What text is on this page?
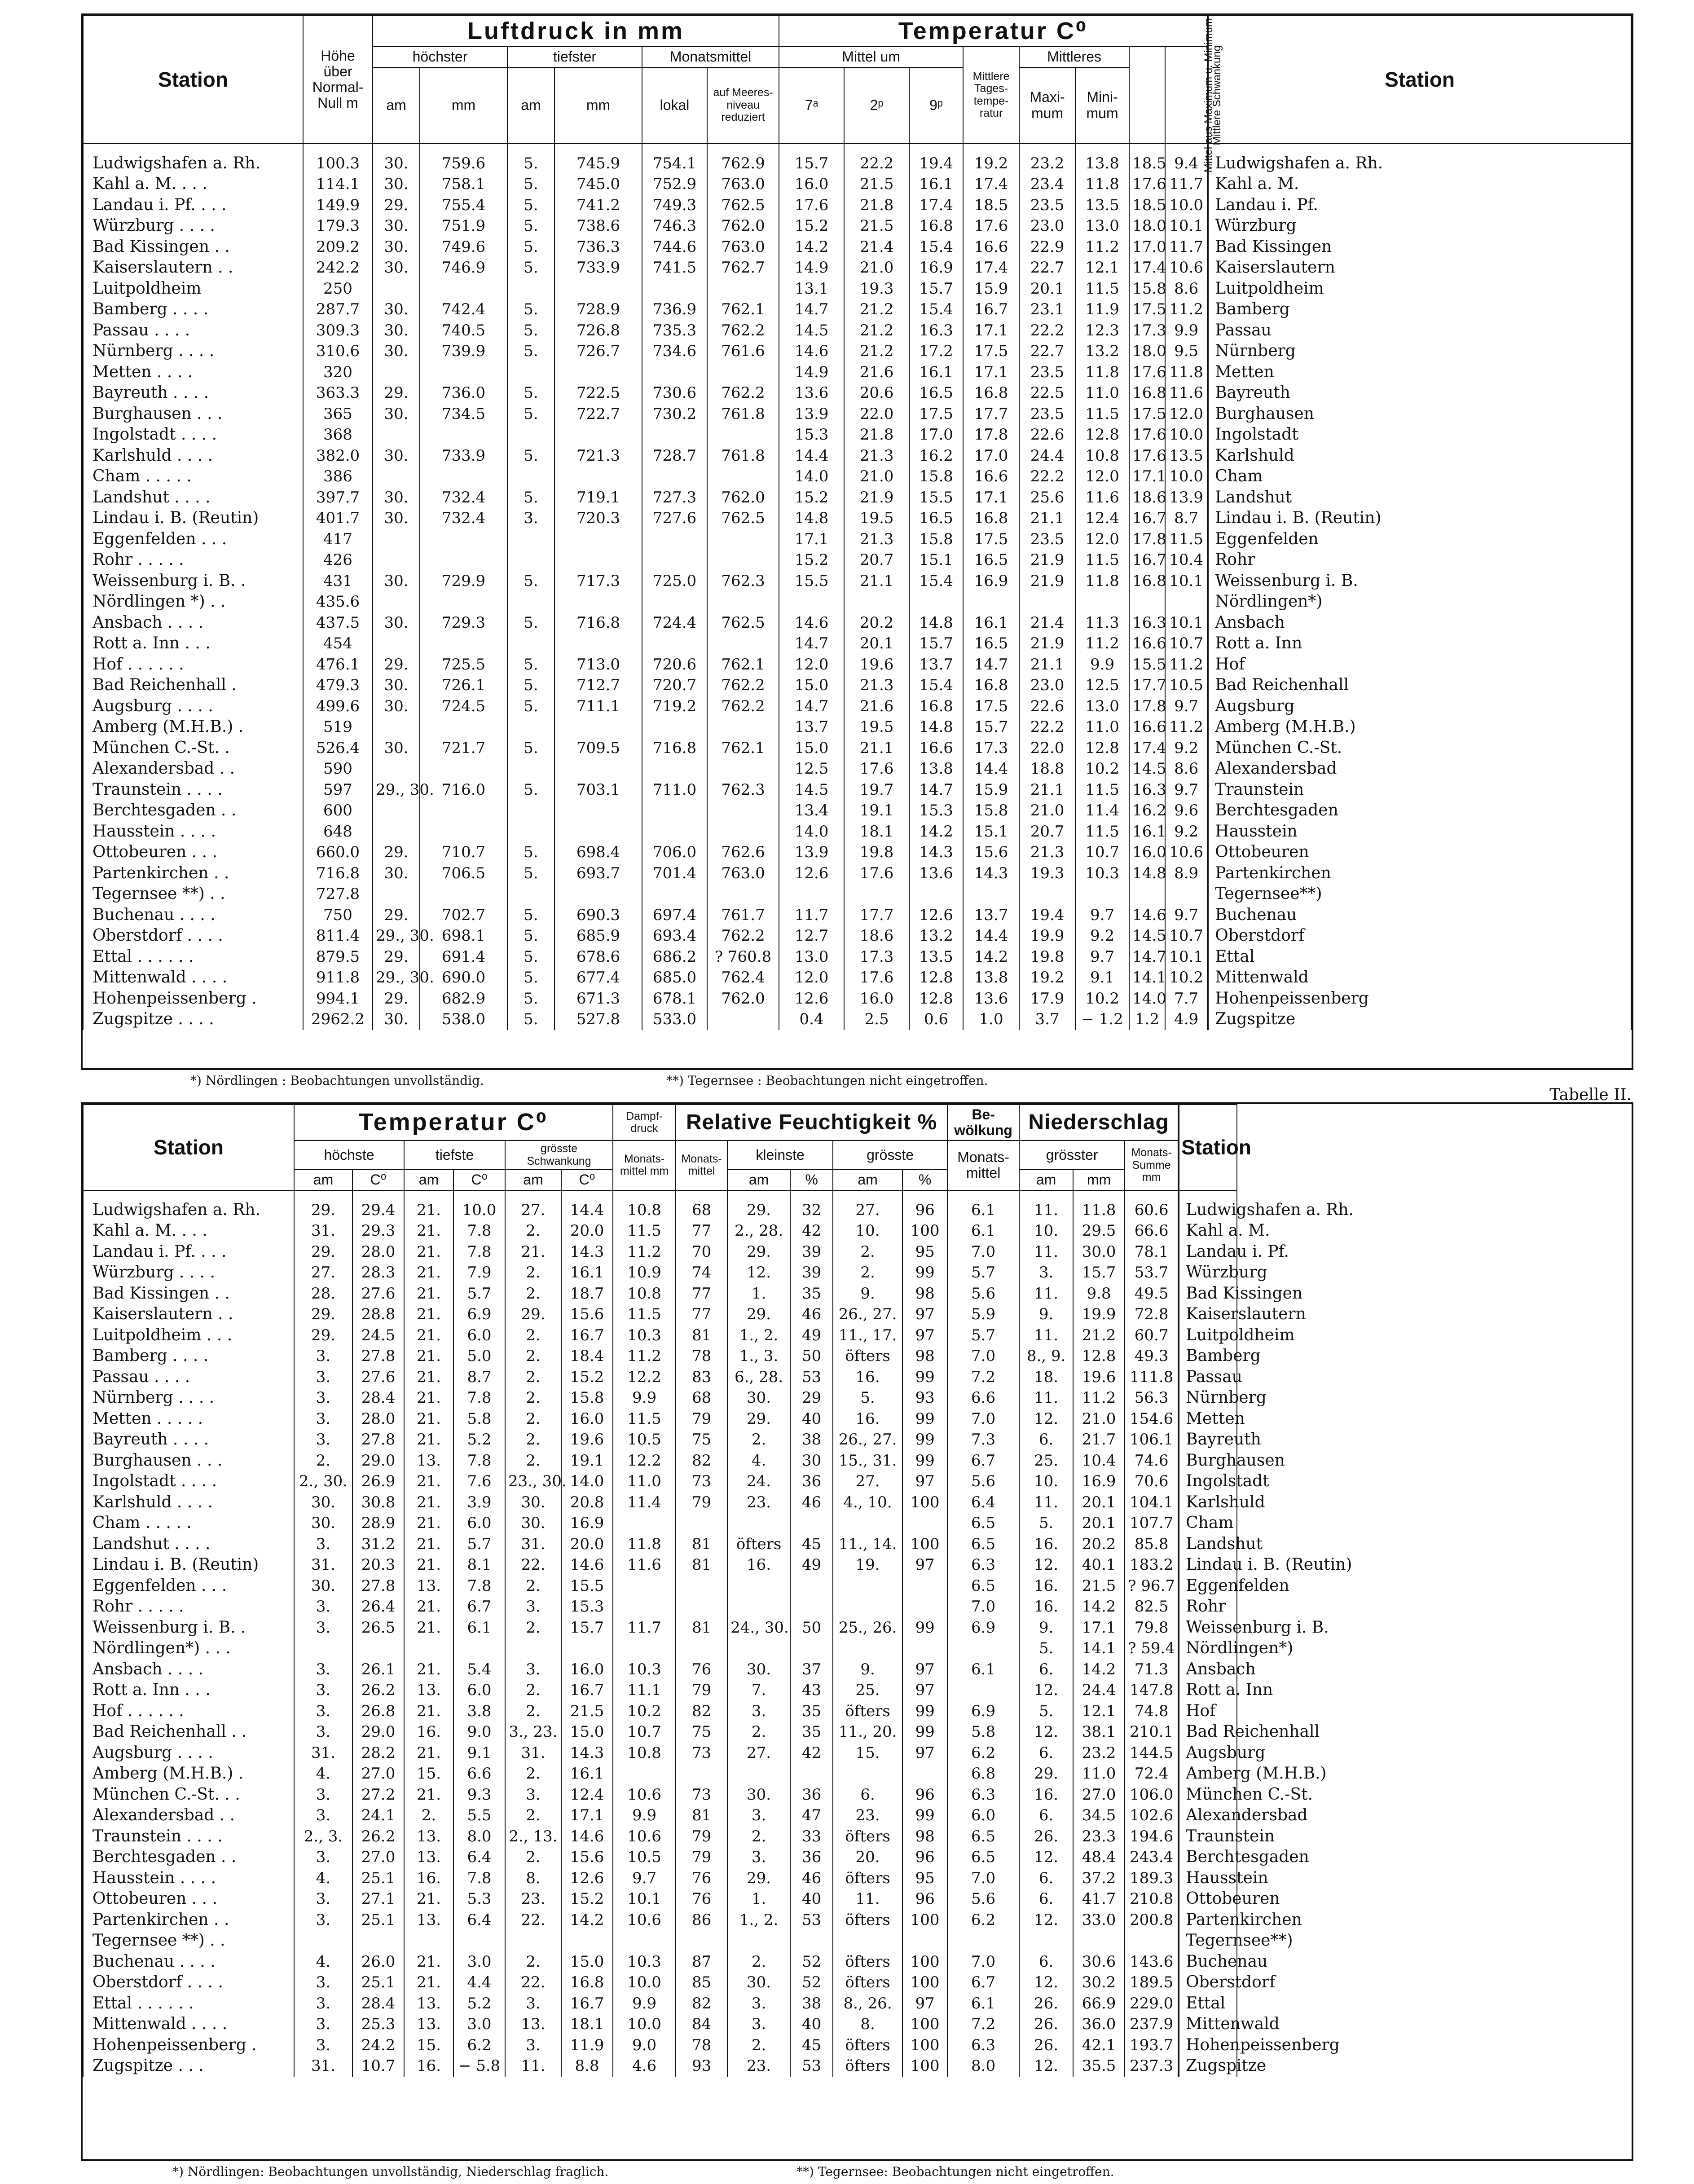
Station	Höhe über Normal-Null m	Luftdruck in mm						Temperatur C⁰								Station
		höchster		tiefster		Monatsmittel		Mittel um			Mittlere Tages-tempe-ratur	Mittleres		Mittel aus Maximum u. Minimum	Mittlere Schwankung	
		am	mm	am	mm	lokal	auf Meeres-niveau reduziert	7ᵃ	2ᵖ	9ᵖ		Maxi-mum	Mini-mum			
Ludwigshafen a. Rh.	100.3	30.	759.6	5.	745.9	754.1	762.9	15.7	22.2	19.4	19.2	23.2	13.8	18.5	9.4	Ludwigshafen a. Rh.
Kahl a. M. . . .	114.1	30.	758.1	5.	745.0	752.9	763.0	16.0	21.5	16.1	17.4	23.4	11.8	17.6	11.7	Kahl a. M.
Landau i. Pf. . . .	149.9	29.	755.4	5.	741.2	749.3	762.5	17.6	21.8	17.4	18.5	23.5	13.5	18.5	10.0	Landau i. Pf.
Würzburg . . . .	179.3	30.	751.9	5.	738.6	746.3	762.0	15.2	21.5	16.8	17.6	23.0	13.0	18.0	10.1	Würzburg
Bad Kissingen . .	209.2	30.	749.6	5.	736.3	744.6	763.0	14.2	21.4	15.4	16.6	22.9	11.2	17.0	11.7	Bad Kissingen
Kaiserslautern . .	242.2	30.	746.9	5.	733.9	741.5	762.7	14.9	21.0	16.9	17.4	22.7	12.1	17.4	10.6	Kaiserslautern
Luitpoldheim	250							13.1	19.3	15.7	15.9	20.1	11.5	15.8	8.6	Luitpoldheim
Bamberg . . . .	287.7	30.	742.4	5.	728.9	736.9	762.1	14.7	21.2	15.4	16.7	23.1	11.9	17.5	11.2	Bamberg
Passau . . . .	309.3	30.	740.5	5.	726.8	735.3	762.2	14.5	21.2	16.3	17.1	22.2	12.3	17.3	9.9	Passau
Nürnberg . . . .	310.6	30.	739.9	5.	726.7	734.6	761.6	14.6	21.2	17.2	17.5	22.7	13.2	18.0	9.5	Nürnberg
Metten . . . .	320							14.9	21.6	16.1	17.1	23.5	11.8	17.6	11.8	Metten
Bayreuth . . . .	363.3	29.	736.0	5.	722.5	730.6	762.2	13.6	20.6	16.5	16.8	22.5	11.0	16.8	11.6	Bayreuth
Burghausen . . .	365	30.	734.5	5.	722.7	730.2	761.8	13.9	22.0	17.5	17.7	23.5	11.5	17.5	12.0	Burghausen
Ingolstadt . . . .	368							15.3	21.8	17.0	17.8	22.6	12.8	17.6	10.0	Ingolstadt
Karlshuld . . . .	382.0	30.	733.9	5.	721.3	728.7	761.8	14.4	21.3	16.2	17.0	24.4	10.8	17.6	13.5	Karlshuld
Cham . . . . .	386							14.0	21.0	15.8	16.6	22.2	12.0	17.1	10.0	Cham
Landshut . . . .	397.7	30.	732.4	5.	719.1	727.3	762.0	15.2	21.9	15.5	17.1	25.6	11.6	18.6	13.9	Landshut
Lindau i. B. (Reutin)	401.7	30.	732.4	3.	720.3	727.6	762.5	14.8	19.5	16.5	16.8	21.1	12.4	16.7	8.7	Lindau i. B. (Reutin)
Eggenfelden . . .	417							17.1	21.3	15.8	17.5	23.5	12.0	17.8	11.5	Eggenfelden
Rohr . . . . .	426							15.2	20.7	15.1	16.5	21.9	11.5	16.7	10.4	Rohr
Weissenburg i. B. .	431	30.	729.9	5.	717.3	725.0	762.3	15.5	21.1	15.4	16.9	21.9	11.8	16.8	10.1	Weissenburg i. B.
Nördlingen *) . .	435.6															Nördlingen*)
Ansbach . . . .	437.5	30.	729.3	5.	716.8	724.4	762.5	14.6	20.2	14.8	16.1	21.4	11.3	16.3	10.1	Ansbach
Rott a. Inn . . .	454							14.7	20.1	15.7	16.5	21.9	11.2	16.6	10.7	Rott a. Inn
Hof . . . . . .	476.1	29.	725.5	5.	713.0	720.6	762.1	12.0	19.6	13.7	14.7	21.1	9.9	15.5	11.2	Hof
Bad Reichenhall .	479.3	30.	726.1	5.	712.7	720.7	762.2	15.0	21.3	15.4	16.8	23.0	12.5	17.7	10.5	Bad Reichenhall
Augsburg . . . .	499.6	30.	724.5	5.	711.1	719.2	762.2	14.7	21.6	16.8	17.5	22.6	13.0	17.8	9.7	Augsburg
Amberg (M.H.B.) .	519							13.7	19.5	14.8	15.7	22.2	11.0	16.6	11.2	Amberg (M.H.B.)
München C.-St. .	526.4	30.	721.7	5.	709.5	716.8	762.1	15.0	21.1	16.6	17.3	22.0	12.8	17.4	9.2	München C.-St.
Alexandersbad . .	590							12.5	17.6	13.8	14.4	18.8	10.2	14.5	8.6	Alexandersbad
Traunstein . . . .	597	29., 30.	716.0	5.	703.1	711.0	762.3	14.5	19.7	14.7	15.9	21.1	11.5	16.3	9.7	Traunstein
Berchtesgaden . .	600							13.4	19.1	15.3	15.8	21.0	11.4	16.2	9.6	Berchtesgaden
Hausstein . . . .	648							14.0	18.1	14.2	15.1	20.7	11.5	16.1	9.2	Hausstein
Ottobeuren . . .	660.0	29.	710.7	5.	698.4	706.0	762.6	13.9	19.8	14.3	15.6	21.3	10.7	16.0	10.6	Ottobeuren
Partenkirchen . .	716.8	30.	706.5	5.	693.7	701.4	763.0	12.6	17.6	13.6	14.3	19.3	10.3	14.8	8.9	Partenkirchen
Tegernsee **) . .	727.8															Tegernsee**)
Buchenau . . . .	750	29.	702.7	5.	690.3	697.4	761.7	11.7	17.7	12.6	13.7	19.4	9.7	14.6	9.7	Buchenau
Oberstdorf . . . .	811.4	29., 30.	698.1	5.	685.9	693.4	762.2	12.7	18.6	13.2	14.4	19.9	9.2	14.5	10.7	Oberstdorf
Ettal . . . . . .	879.5	29.	691.4	5.	678.6	686.2	? 760.8	13.0	17.3	13.5	14.2	19.8	9.7	14.7	10.1	Ettal
Mittenwald . . . .	911.8	29., 30.	690.0	5.	677.4	685.0	762.4	12.0	17.6	12.8	13.8	19.2	9.1	14.1	10.2	Mittenwald
Hohenpeissenberg .	994.1	29.	682.9	5.	671.3	678.1	762.0	12.6	16.0	12.8	13.6	17.9	10.2	14.0	7.7	Hohenpeissenberg
Zugspitze . . . .	2962.2	30.	538.0	5.	527.8	533.0		0.4	2.5	0.6	1.0	3.7	− 1.2	1.2	4.9	Zugspitze
*) Nördlingen : Beobachtungen unvollständig.	**) Tegernsee : Beobachtungen nicht eingetroffen.
Tabelle II.
Station	Temperatur C⁰						Dampf-druck	Relative Feuchtigkeit %					Be-wölkung	Niederschlag			Station
	höchste		tiefste		grösste Schwankung		Monats-mittel mm	Monats-mittel	kleinste		grösste		Monats-mittel	grösster		Monats-Summe mm	
	am	C⁰	am	C⁰	am	C⁰			am	%	am	%		am	mm		
Ludwigshafen a. Rh.	29.	29.4	21.	10.0	27.	14.4	10.8	68	29.	32	27.	96	6.1	11.	11.8	60.6	Ludwigshafen a. Rh.
Kahl a. M. . . .	31.	29.3	21.	7.8	2.	20.0	11.5	77	2., 28.	42	10.	100	6.1	10.	29.5	66.6	Kahl a. M.
Landau i. Pf. . . .	29.	28.0	21.	7.8	21.	14.3	11.2	70	29.	39	2.	95	7.0	11.	30.0	78.1	Landau i. Pf.
Würzburg . . . .	27.	28.3	21.	7.9	2.	16.1	10.9	74	12.	39	2.	99	5.7	3.	15.7	53.7	Würzburg
Bad Kissingen . .	28.	27.6	21.	5.7	2.	18.7	10.8	77	1.	35	9.	98	5.6	11.	9.8	49.5	Bad Kissingen
Kaiserslautern . .	29.	28.8	21.	6.9	29.	15.6	11.5	77	29.	46	26., 27.	97	5.9	9.	19.9	72.8	Kaiserslautern
Luitpoldheim . . .	29.	24.5	21.	6.0	2.	16.7	10.3	81	1., 2.	49	11., 17.	97	5.7	11.	21.2	60.7	Luitpoldheim
Bamberg . . . .	3.	27.8	21.	5.0	2.	18.4	11.2	78	1., 3.	50	öfters	98	7.0	8., 9.	12.8	49.3	Bamberg
Passau . . . .	3.	27.6	21.	8.7	2.	15.2	12.2	83	6., 28.	53	16.	99	7.2	18.	19.6	111.8	Passau
Nürnberg . . . .	3.	28.4	21.	7.8	2.	15.8	9.9	68	30.	29	5.	93	6.6	11.	11.2	56.3	Nürnberg
Metten . . . . .	3.	28.0	21.	5.8	2.	16.0	11.5	79	29.	40	16.	99	7.0	12.	21.0	154.6	Metten
Bayreuth . . . .	3.	27.8	21.	5.2	2.	19.6	10.5	75	2.	38	26., 27.	99	7.3	6.	21.7	106.1	Bayreuth
Burghausen . . .	2.	29.0	13.	7.8	2.	19.1	12.2	82	4.	30	15., 31.	99	6.7	25.	10.4	74.6	Burghausen
Ingolstadt . . . .	2., 30.	26.9	21.	7.6	23., 30.	14.0	11.0	73	24.	36	27.	97	5.6	10.	16.9	70.6	Ingolstadt
Karlshuld . . . .	30.	30.8	21.	3.9	30.	20.8	11.4	79	23.	46	4., 10.	100	6.4	11.	20.1	104.1	Karlshuld
Cham . . . . .	30.	28.9	21.	6.0	30.	16.9							6.5	5.	20.1	107.7	Cham
Landshut . . . .	3.	31.2	21.	5.7	31.	20.0	11.8	81	öfters	45	11., 14.	100	6.5	16.	20.2	85.8	Landshut
Lindau i. B. (Reutin)	31.	20.3	21.	8.1	22.	14.6	11.6	81	16.	49	19.	97	6.3	12.	40.1	183.2	Lindau i. B. (Reutin)
Eggenfelden . . .	30.	27.8	13.	7.8	2.	15.5							6.5	16.	21.5	? 96.7	Eggenfelden
Rohr . . . . .	3.	26.4	21.	6.7	3.	15.3							7.0	16.	14.2	82.5	Rohr
Weissenburg i. B. .	3.	26.5	21.	6.1	2.	15.7	11.7	81	24., 30.	50	25., 26.	99	6.9	9.	17.1	79.8	Weissenburg i. B.
Nördlingen*) . . .														5.	14.1	? 59.4	Nördlingen*)
Ansbach . . . .	3.	26.1	21.	5.4	3.	16.0	10.3	76	30.	37	9.	97	6.1	6.	14.2	71.3	Ansbach
Rott a. Inn . . .	3.	26.2	13.	6.0	2.	16.7	11.1	79	7.	43	25.	97		12.	24.4	147.8	Rott a. Inn
Hof . . . . . .	3.	26.8	21.	3.8	2.	21.5	10.2	82	3.	35	öfters	99	6.9	5.	12.1	74.8	Hof
Bad Reichenhall . .	3.	29.0	16.	9.0	3., 23.	15.0	10.7	75	2.	35	11., 20.	99	5.8	12.	38.1	210.1	Bad Reichenhall
Augsburg . . . .	31.	28.2	21.	9.1	31.	14.3	10.8	73	27.	42	15.	97	6.2	6.	23.2	144.5	Augsburg
Amberg (M.H.B.) .	4.	27.0	15.	6.6	2.	16.1							6.8	29.	11.0	72.4	Amberg (M.H.B.)
München C.-St. . .	3.	27.2	21.	9.3	3.	12.4	10.6	73	30.	36	6.	96	6.3	16.	27.0	106.0	München C.-St.
Alexandersbad . .	3.	24.1	2.	5.5	2.	17.1	9.9	81	3.	47	23.	99	6.0	6.	34.5	102.6	Alexandersbad
Traunstein . . . .	2., 3.	26.2	13.	8.0	2., 13.	14.6	10.6	79	2.	33	öfters	98	6.5	26.	23.3	194.6	Traunstein
Berchtesgaden . .	3.	27.0	13.	6.4	2.	15.6	10.5	79	3.	36	20.	96	6.5	12.	48.4	243.4	Berchtesgaden
Hausstein . . . .	4.	25.1	16.	7.8	8.	12.6	9.7	76	29.	46	öfters	95	7.0	6.	37.2	189.3	Hausstein
Ottobeuren . . .	3.	27.1	21.	5.3	23.	15.2	10.1	76	1.	40	11.	96	5.6	6.	41.7	210.8	Ottobeuren
Partenkirchen . .	3.	25.1	13.	6.4	22.	14.2	10.6	86	1., 2.	53	öfters	100	6.2	12.	33.0	200.8	Partenkirchen
Tegernsee **) . .																	Tegernsee**)
Buchenau . . . .	4.	26.0	21.	3.0	2.	15.0	10.3	87	2.	52	öfters	100	7.0	6.	30.6	143.6	Buchenau
Oberstdorf . . . .	3.	25.1	21.	4.4	22.	16.8	10.0	85	30.	52	öfters	100	6.7	12.	30.2	189.5	Oberstdorf
Ettal . . . . . .	3.	28.4	13.	5.2	3.	16.7	9.9	82	3.	38	8., 26.	97	6.1	26.	66.9	229.0	Ettal
Mittenwald . . . .	3.	25.3	13.	3.0	13.	18.1	10.0	84	3.	40	8.	100	7.2	26.	36.0	237.9	Mittenwald
Hohenpeissenberg .	3.	24.2	15.	6.2	3.	11.9	9.0	78	2.	45	öfters	100	6.3	26.	42.1	193.7	Hohenpeissenberg
Zugspitze . . .	31.	10.7	16.	− 5.8	11.	8.8	4.6	93	23.	53	öfters	100	8.0	12.	35.5	237.3	Zugspitze
*) Nördlingen: Beobachtungen unvollständig, Niederschlag fraglich.	**) Tegernsee: Beobachtungen nicht eingetroffen.
